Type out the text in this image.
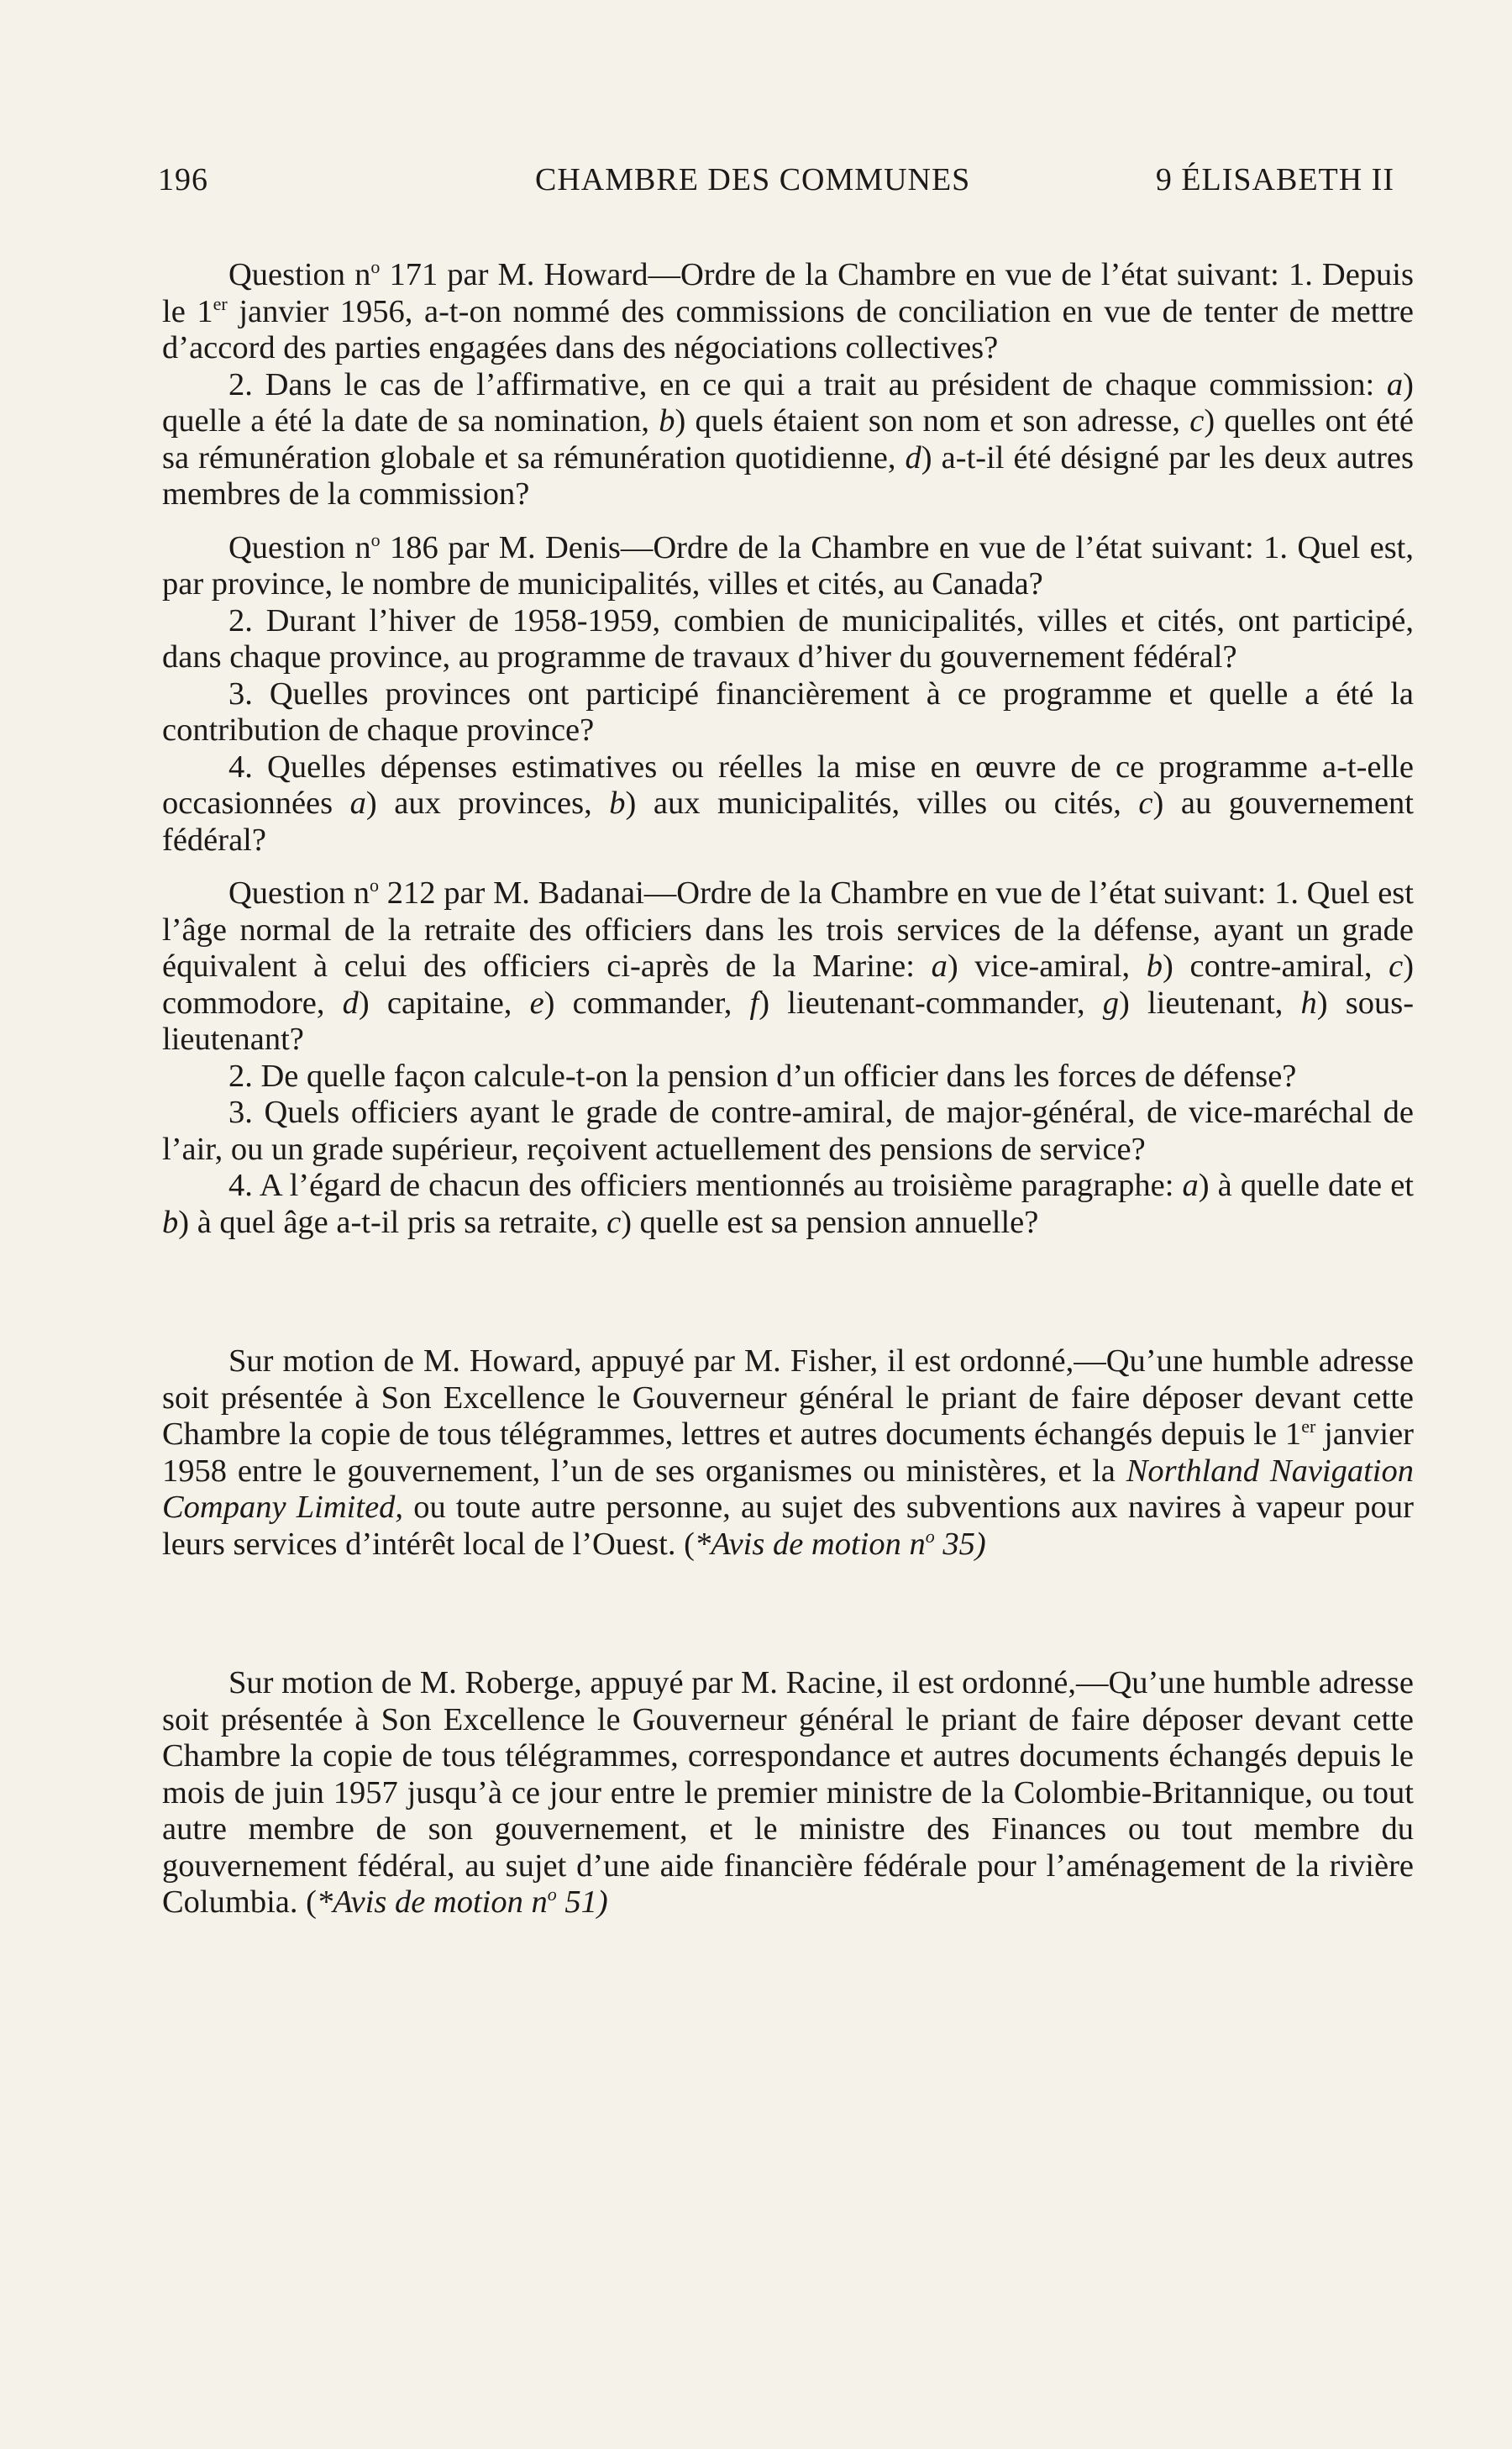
196	CHAMBRE DES COMMUNES	9 ÉLISABETH II

Question $n^o$ 171 par M. Howard—Ordre de la Chambre en vue de l’état suivant: 1. Depuis le 1er janvier 1956, a-t-on nommé des commissions de conciliation en vue de tenter de mettre d’accord des parties engagées dans des négociations collectives?

2. Dans le cas de l’affirmative, en ce qui a trait au président de chaque commission: a) quelle a été la date de sa nomination, b) quels étaient son nom et son adresse, c) quelles ont été sa rémunération globale et sa rémunération quotidienne, d) a-t-il été désigné par les deux autres membres de la commission?

Question $n^o$ 186 par M. Denis—Ordre de la Chambre en vue de l’état suivant: 1. Quel est, par province, le nombre de municipalités, villes et cités, au Canada?

2. Durant l’hiver de 1958-1959, combien de municipalités, villes et cités, ont participé, dans chaque province, au programme de travaux d’hiver du gouvernement fédéral?

3. Quelles provinces ont participé financièrement à ce programme et quelle a été la contribution de chaque province?

4. Quelles dépenses estimatives ou réelles la mise en œuvre de ce programme a-t-elle occasionnées a) aux provinces, b) aux municipalités, villes ou cités, c) au gouvernement fédéral?

Question $n^o$ 212 par M. Badanai—Ordre de la Chambre en vue de l’état suivant: 1. Quel est l’âge normal de la retraite des officiers dans les trois services de la défense, ayant un grade équivalent à celui des officiers ci-après de la Marine: a) vice-amiral, b) contre-amiral, c) commodore, d) capitaine, e) commander, f) lieutenant-commander, g) lieutenant, h) sous-lieutenant?

2. De quelle façon calcule-t-on la pension d’un officier dans les forces de défense?

3. Quels officiers ayant le grade de contre-amiral, de major-général, de vice-maréchal de l’air, ou un grade supérieur, reçoivent actuellement des pensions de service?

4. A l’égard de chacun des officiers mentionnés au troisième paragraphe: a) à quelle date et b) à quel âge a-t-il pris sa retraite, c) quelle est sa pension annuelle?

Sur motion de M. Howard, appuyé par M. Fisher, il est ordonné,—Qu’une humble adresse soit présentée à Son Excellence le Gouverneur général le priant de faire déposer devant cette Chambre la copie de tous télégrammes, lettres et autres documents échangés depuis le 1er janvier 1958 entre le gouvernement, l’un de ses organismes ou ministères, et la Northland Navigation Company Limited, ou toute autre personne, au sujet des subventions aux navires à vapeur pour leurs services d’intérêt local de l’Ouest. (*Avis de motion $n^o$ 35)

Sur motion de M. Roberge, appuyé par M. Racine, il est ordonné,—Qu’une humble adresse soit présentée à Son Excellence le Gouverneur général le priant de faire déposer devant cette Chambre la copie de tous télégrammes, correspondance et autres documents échangés depuis le mois de juin 1957 jusqu’à ce jour entre le premier ministre de la Colombie-Britannique, ou tout autre membre de son gouvernement, et le ministre des Finances ou tout membre du gouvernement fédéral, au sujet d’une aide financière fédérale pour l’aménagement de la rivière Columbia. (*Avis de motion $n^o$ 51)
